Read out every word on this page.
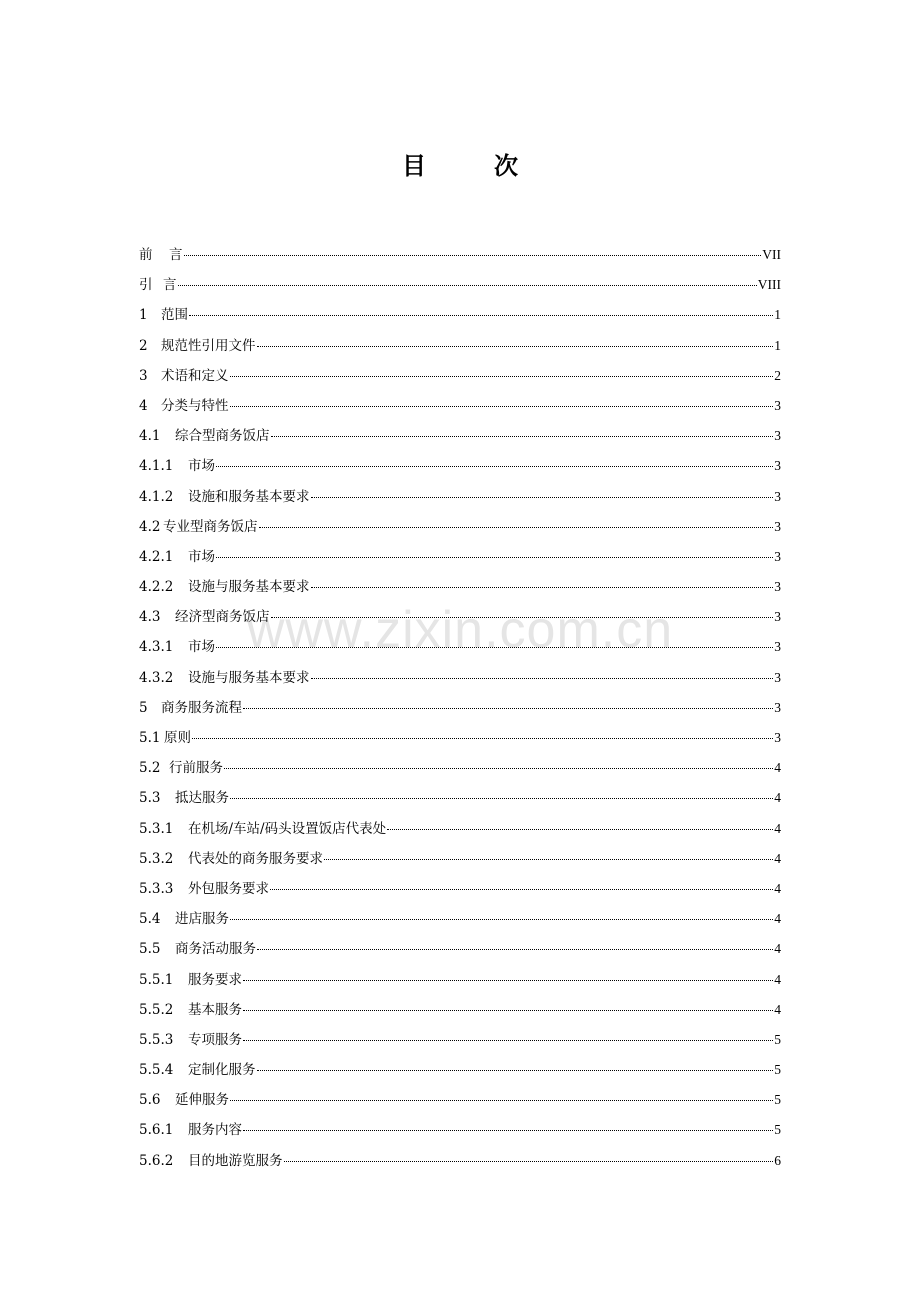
www.zixin.com.cn
目　次
前	言	VII
引 言	VIII
1 范围	1
2 规范性引用文件	1
3 术语和定义	2
4 分类与特性	3
4.1	综合型商务饭店	3
4.1.1	市场	3
4.1.2	设施和服务基本要求	3
4.2 专业型商务饭店	3
4.2.1	市场	3
4.2.2	设施与服务基本要求	3
4.3	经济型商务饭店	3
4.3.1	市场	3
4.3.2	设施与服务基本要求	3
5 商务服务流程	3
5.1 原则	3
5.2 行前服务	4
5.3	抵达服务	4
5.3.1	在机场/车站/码头设置饭店代表处	4
5.3.2	代表处的商务服务要求	4
5.3.3	外包服务要求	4
5.4	进店服务	4
5.5	商务活动服务	4
5.5.1	服务要求	4
5.5.2	基本服务	4
5.5.3	专项服务	5
5.5.4	定制化服务	5
5.6	延伸服务	5
5.6.1	服务内容	5
5.6.2	目的地游览服务	6
